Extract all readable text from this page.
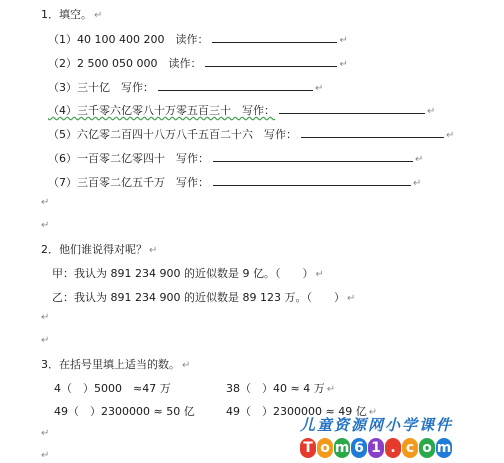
1．填空。 ↵
（1）40 100 400 200　读作：	↵
（2）2 500 050 000　读作：	↵
（3）三十亿　写作：	↵
（4）三千零六亿零八十万零五百三十　写作：	↵
（5）六亿零二百四十八万八千五百二十六　写作：	↵
（6）一百零二亿零四十　写作：	↵
（7）三百零二亿五千万　写作：	↵
↵
↵
2．他们谁说得对呢？ ↵
甲：我认为 891 234 900 的近似数是 9 亿。（　　） ↵
乙：我认为 891 234 900 的近似数是 89 123 万。（　　） ↵
↵
↵
3．在括号里填上适当的数。 ↵
4（　）5000　≈47 万	38（　）40 ≈ 4 万 ↵
49（　）2300000 ≈ 50 亿	49（　）2300000 ≈ 49 亿 ↵
↵
↵
儿童资源网小学课件
T o m 6 1 . c o m
